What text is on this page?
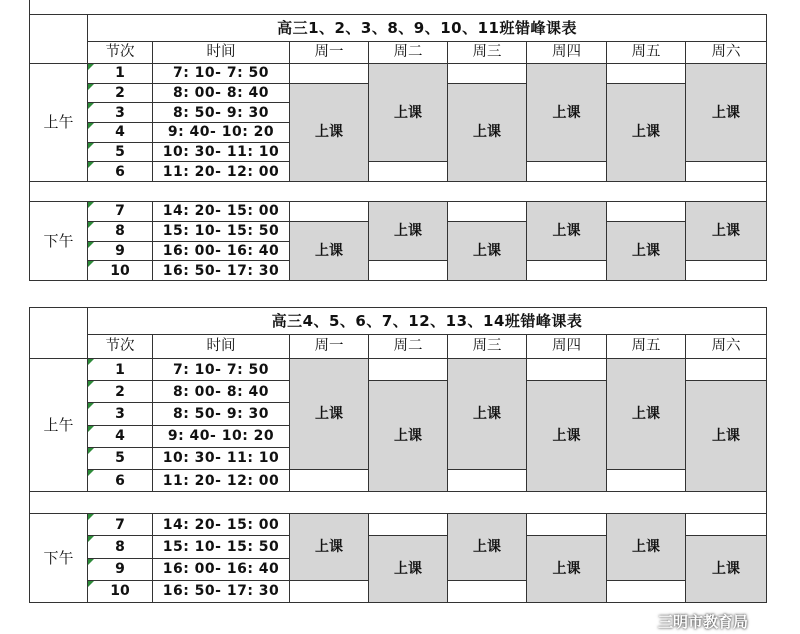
	高三1、2、3、8、9、10、11班错峰课表							
	节次	时间	周一	周二	周三	周四	周五	周六
上午	1	7: 10- 7: 50		上课		上课		上课
	2	8: 00- 8: 40	上课		上课		上课	
	3	8: 50- 9: 30						
	4	9: 40- 10: 20						
	5	10: 30- 11: 10						
	6	11: 20- 12: 00						

下午	7	14: 20- 15: 00		上课		上课		上课
	8	15: 10- 15: 50	上课		上课		上课	
	9	16: 00- 16: 40						
	10	16: 50- 17: 30						
	高三4、5、6、7、12、13、14班错峰课表							
	节次	时间	周一	周二	周三	周四	周五	周六
上午	1	7: 10- 7: 50	上课		上课		上课	
	2	8: 00- 8: 40		上课		上课		上课
	3	8: 50- 9: 30						
	4	9: 40- 10: 20						
	5	10: 30- 11: 10						
	6	11: 20- 12: 00						

下午	7	14: 20- 15: 00	上课		上课		上课	
	8	15: 10- 15: 50		上课		上课		上课
	9	16: 00- 16: 40						
	10	16: 50- 17: 30						
三明市教育局
